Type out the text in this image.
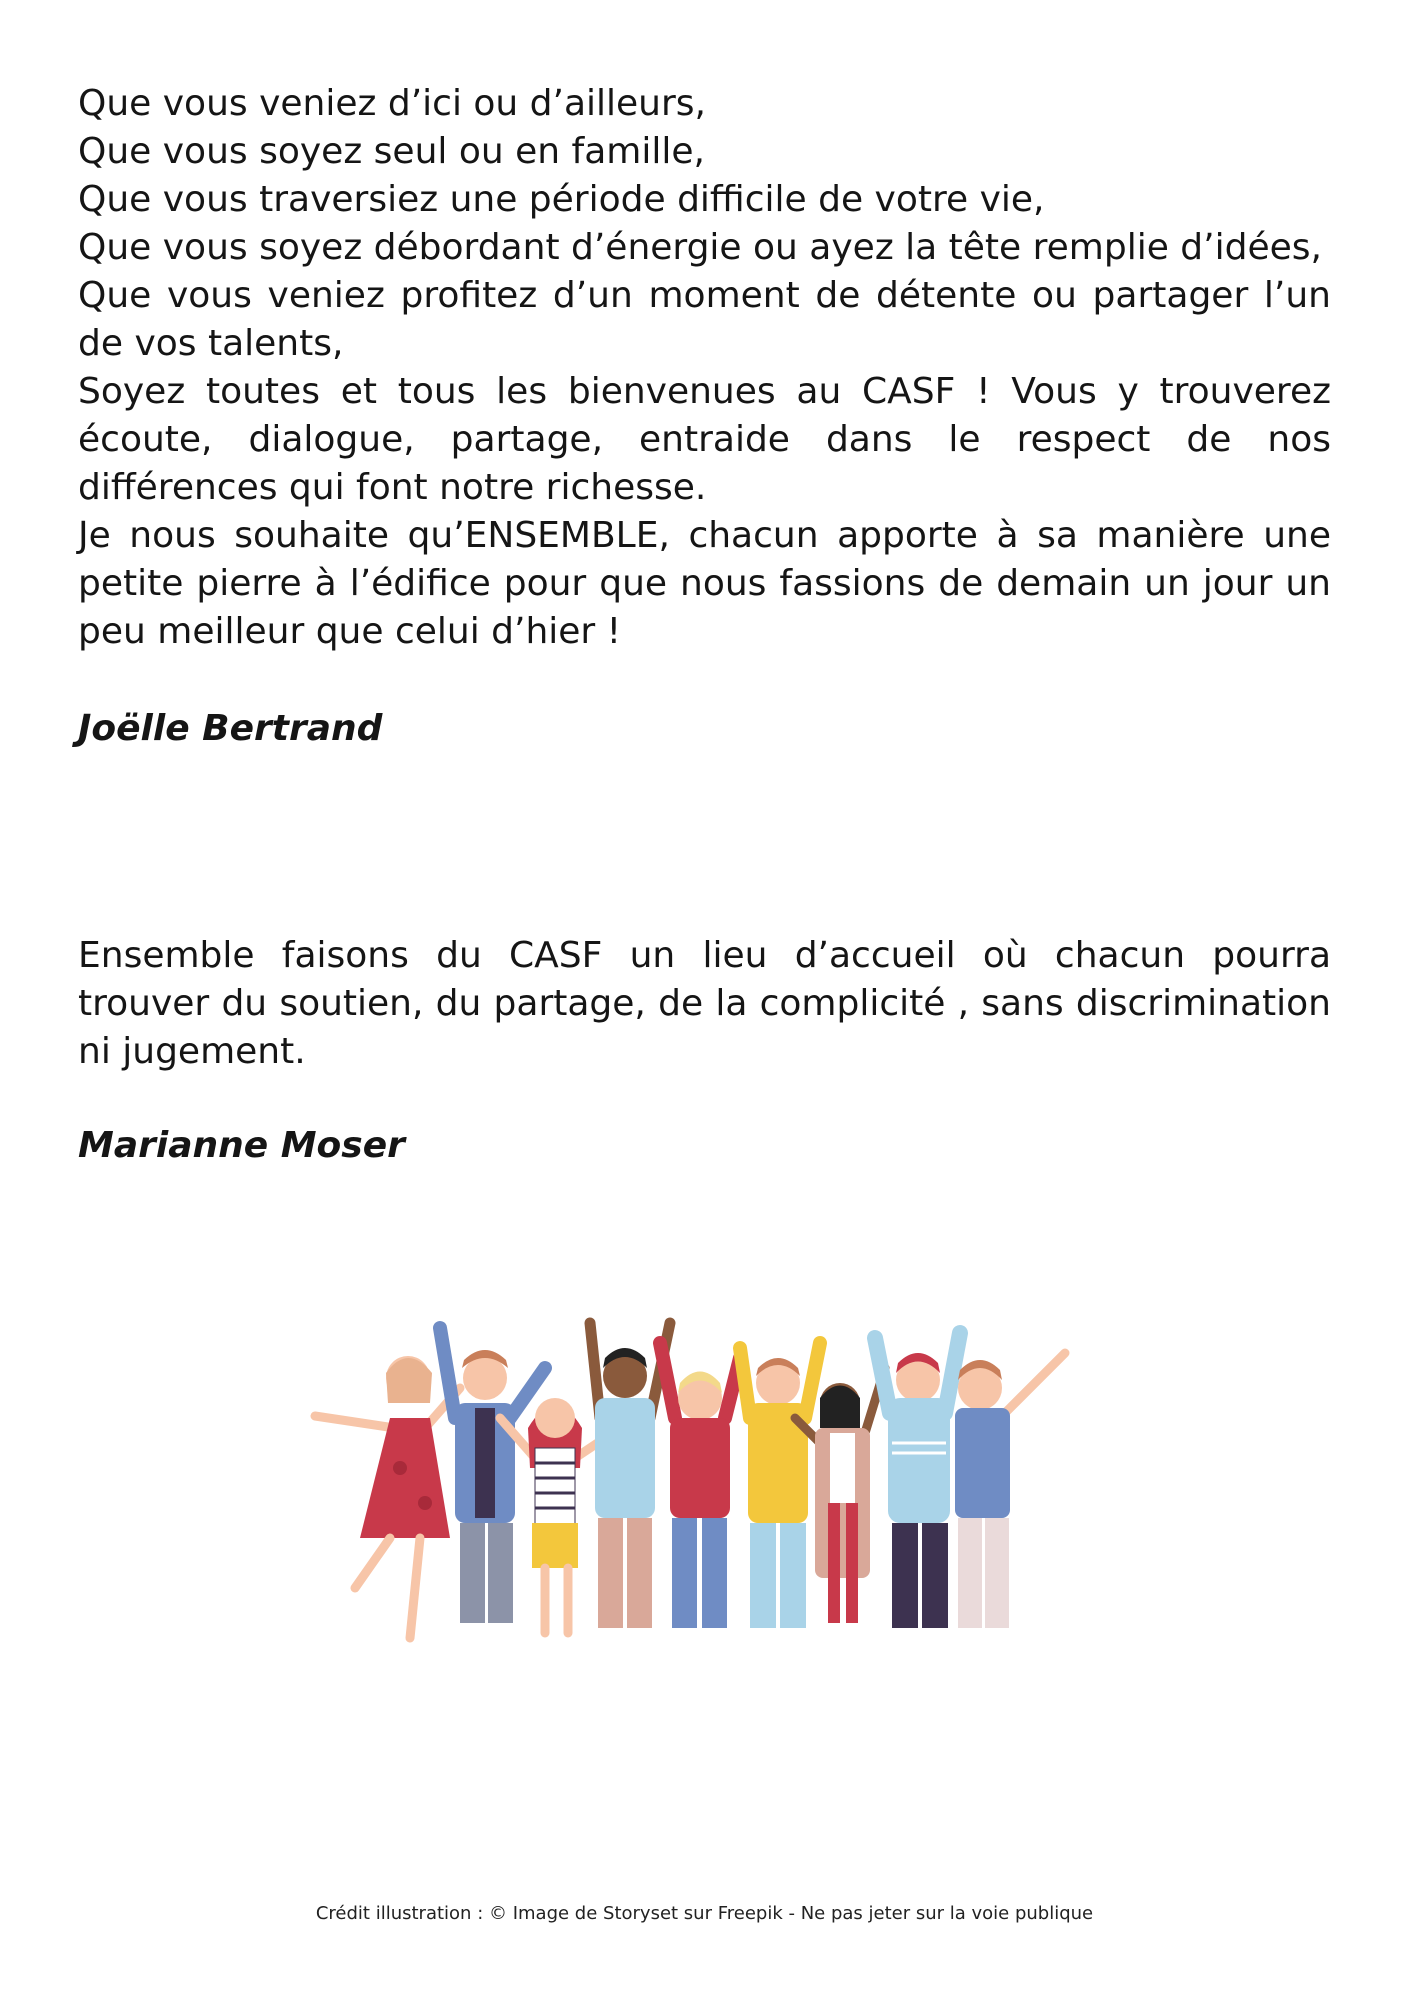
Que vous veniez d’ici ou d’ailleurs,
Que vous soyez seul ou en famille,
Que vous traversiez une période difficile de votre vie,
Que vous soyez débordant d’énergie ou ayez la tête remplie d’idées,
Que vous veniez profitez d’un moment de détente ou partager l’un de vos talents,
Soyez toutes et tous les bienvenues au CASF ! Vous y trouverez écoute, dialogue, partage, entraide dans le respect de nos différences qui font notre richesse.
Je nous souhaite qu’ENSEMBLE, chacun apporte à sa manière une petite pierre à l’édifice pour que nous fassions de demain un jour un peu meilleur que celui d’hier !
Joëlle Bertrand
Ensemble faisons du CASF un lieu d’accueil où chacun pourra trouver du soutien, du partage, de la complicité , sans discrimination ni jugement.
Marianne Moser
Crédit illustration : © Image de Storyset sur Freepik - Ne pas jeter sur la voie publique
